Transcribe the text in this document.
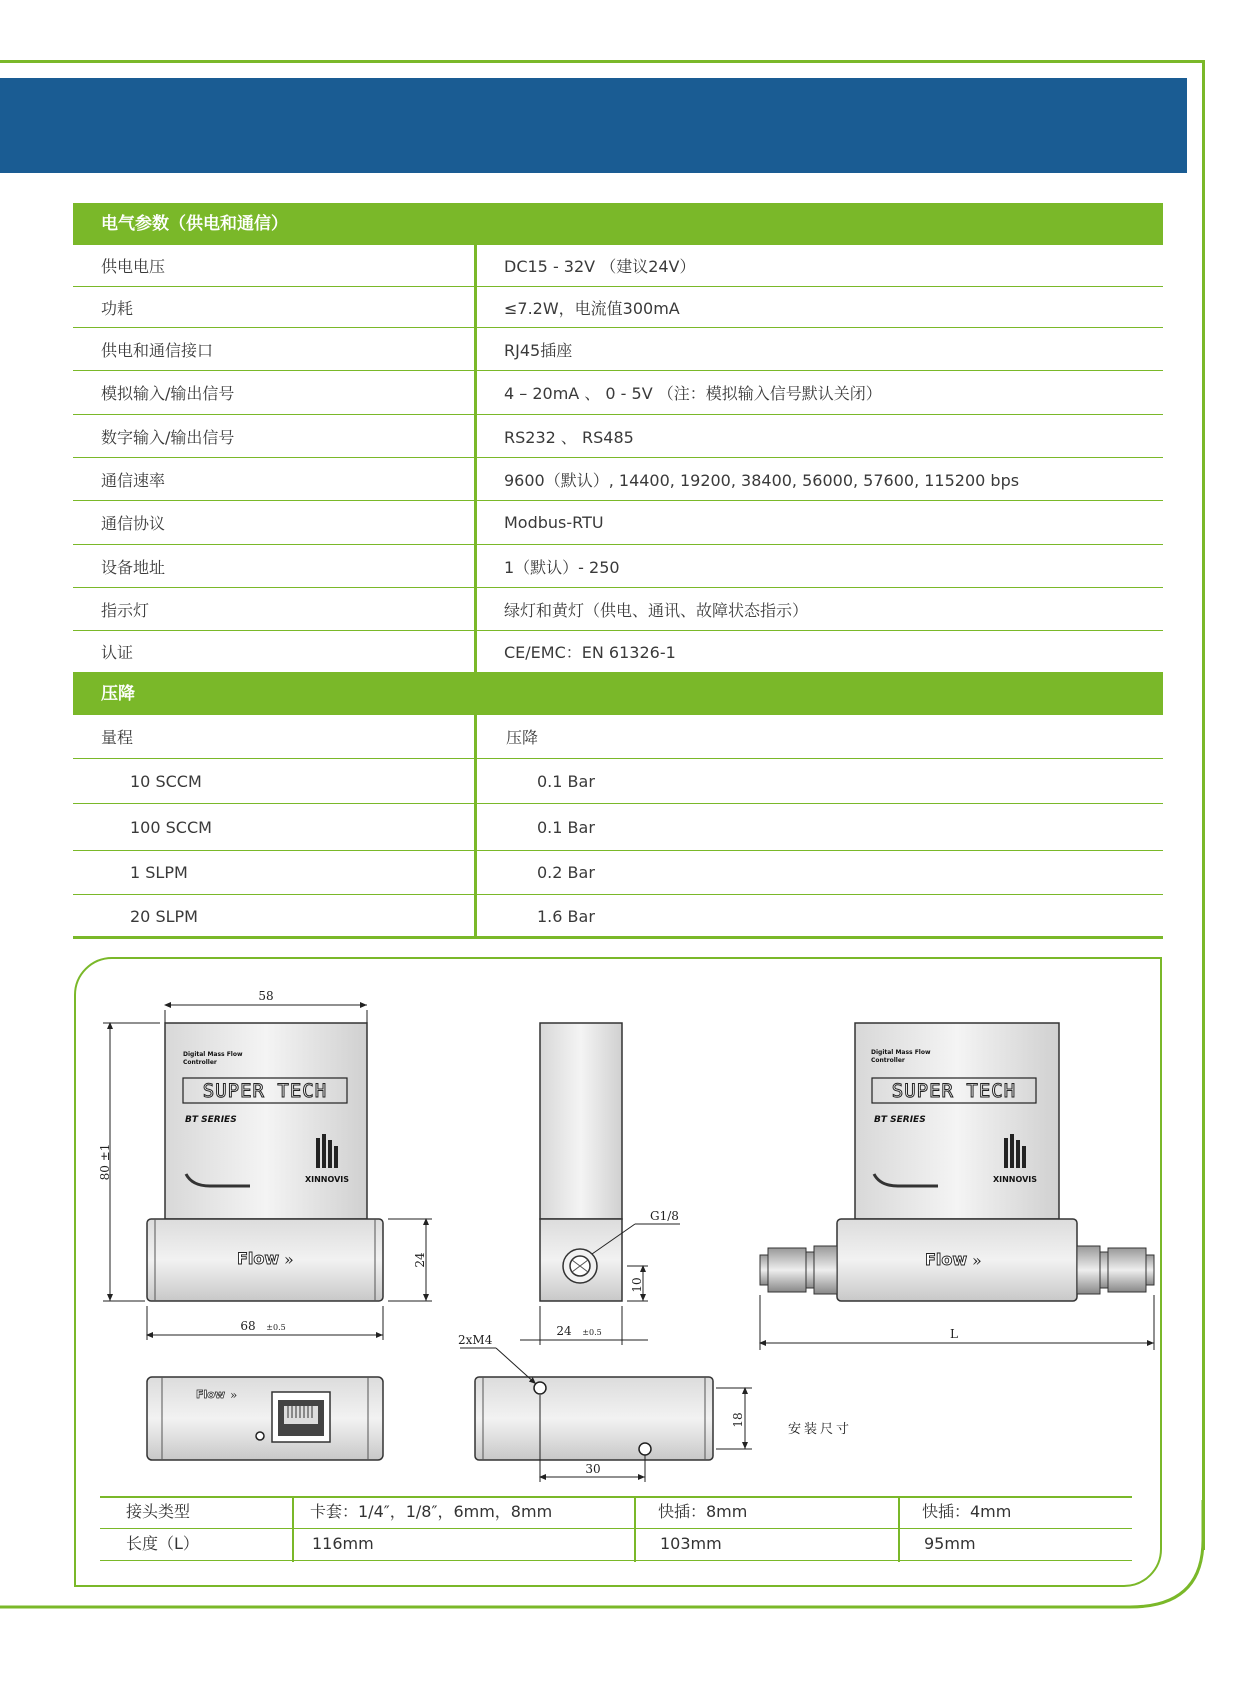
电气参数（供电和通信）
供电电压	DC15 - 32V （建议24V）
功耗	≤7.2W，电流值300mA
供电和通信接口	RJ45插座
模拟输入/输出信号	4 – 20mA 、 0 - 5V （注：模拟输入信号默认关闭）
数字输入/输出信号	RS232 、 RS485
通信速率	9600（默认）, 14400, 19200, 38400, 56000, 57600, 115200 bps
通信协议	Modbus-RTU
设备地址	1（默认）- 250
指示灯	绿灯和黄灯（供电、通讯、故障状态指示）
认证	CE/EMC：EN 61326-1
压降
量程	压降
10 SCCM	0.1 Bar
100 SCCM	0.1 Bar
1 SLPM	0.2 Bar
20 SLPM	1.6 Bar
Digital Mass Flow
Controller
SUPER TECH
BT SERIES
XINNOVIS
Flow »
58
80 ±1
24
68 ±0.5
G1/8
10
24 ±0.5
Digital Mass Flow
Controller
SUPER TECH
BT SERIES
XINNOVIS
Flow »
L
Flow »
2xM4
18
30
安装尺寸
接头类型	卡套：1/4″，1/8″，6mm，8mm	快插：8mm	快插：4mm
长度（L）	116mm	103mm	95mm
